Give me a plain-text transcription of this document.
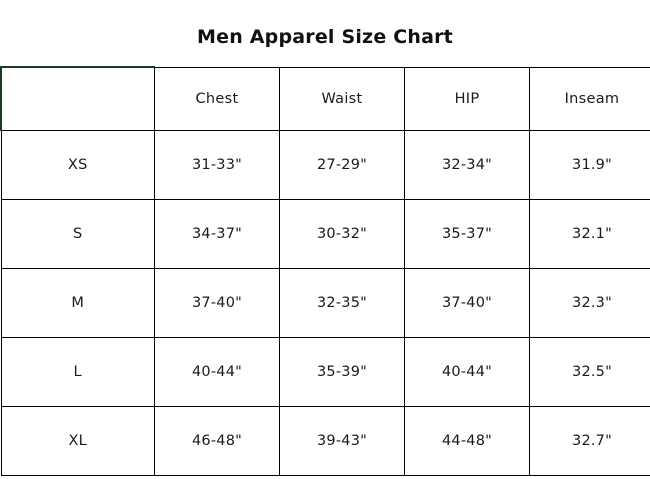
Men Apparel Size Chart
	Chest	Waist	HIP	Inseam
XS	31-33"	27-29"	32-34"	31.9"
S	34-37"	30-32"	35-37"	32.1"
M	37-40"	32-35"	37-40"	32.3"
L	40-44"	35-39"	40-44"	32.5"
XL	46-48"	39-43"	44-48"	32.7"
